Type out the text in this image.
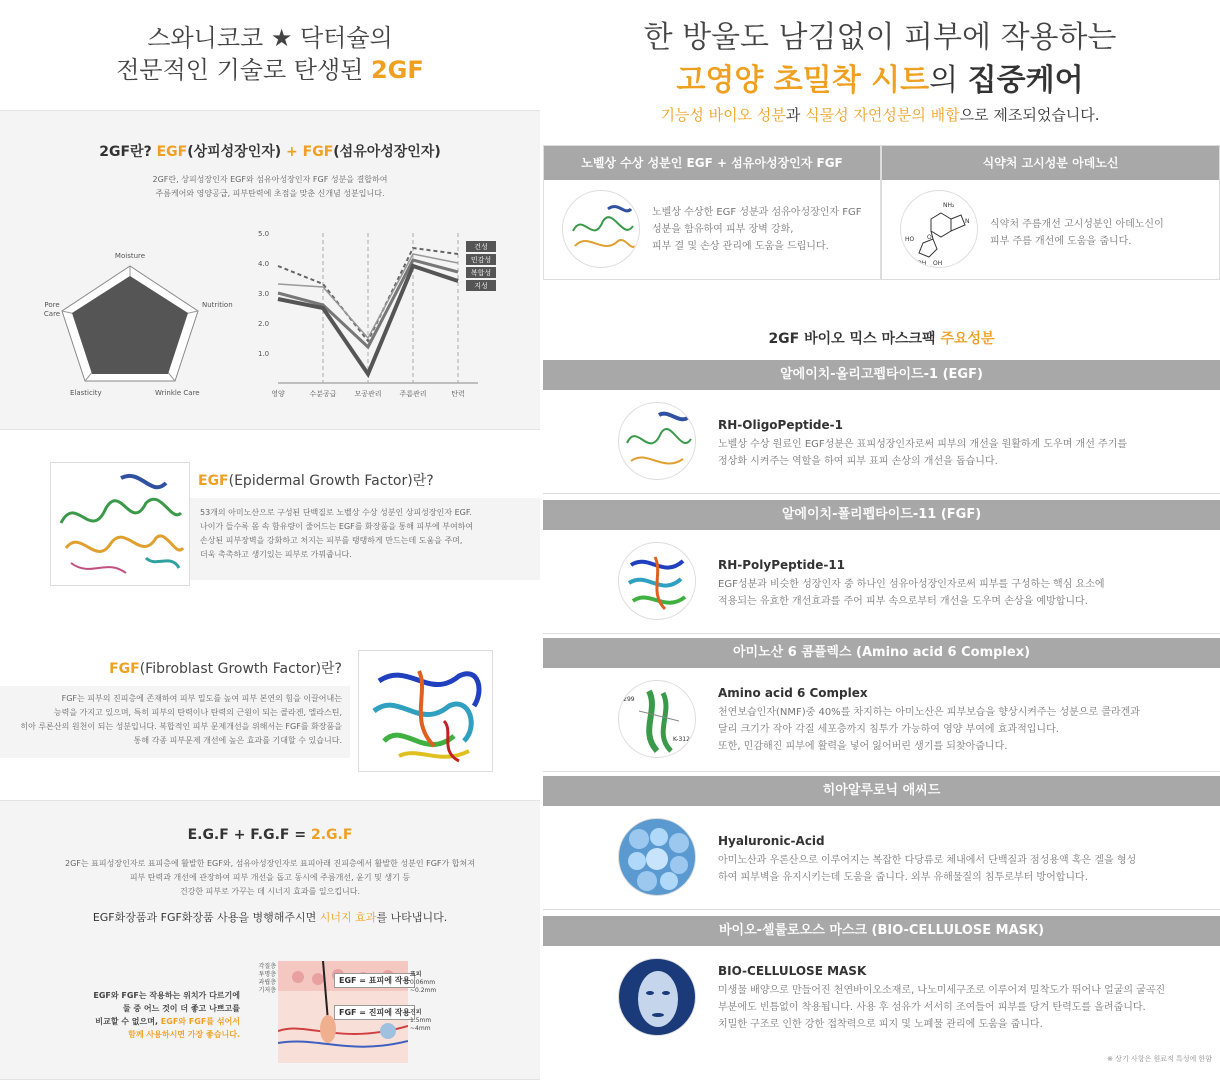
스와니코코 ★ 닥터슐의
전문적인 기술로 탄생된 2GF
2GF란? EGF(상피성장인자) + FGF(섬유아성장인자)
2GF란, 상피성장인자 EGF와 섬유아성장인자 FGF 성분을 결합하여
주름케어와 영양공급, 피부탄력에 초점을 맞춘 신개념 성분입니다.
Moisture
Nutrition
Wrinkle Care
Elasticity
Pore
Care
1.0
2.0
3.0
4.0
5.0
영양	수분공급	모공관리	주름관리	탄력
건성
민감성
복합성
지성
EGF(Epidermal Growth Factor)란?
53개의 아미노산으로 구성된 단백질로 노벨상 수상 성분인 상피성장인자 EGF.
나이가 들수록 몸 속 함유량이 줄어드는 EGF를 화장품을 통해 피부에 부여하여
손상된 피부장벽을 강화하고 처지는 피부를 탱탱하게 만드는데 도움을 주며,
더욱 촉촉하고 생기있는 피부로 가꿔줍니다.
FGF(Fibroblast Growth Factor)란?
FGF는 피부의 진피층에 존재하여 피부 밀도를 높여 피부 본연의 힘을 이끌어내는
능력을 가지고 있으며, 특히 피부의 탄력이나 탄력의 근원이 되는 콜라겐, 엘라스틴,
히아 루론산의 원천이 되는 성분입니다. 복합적인 피부 문제개선을 위해서는 FGF를 화장품을
통해 각종 피부문제 개선에 높은 효과를 기대할 수 있습니다.
E.G.F + F.G.F = 2.G.F
2GF는 표피성장인자로 표피층에 활발한 EGF와, 섬유아성장인자로 표피아래 진피층에서 활발한 성분인 FGF가 합쳐져
피부 탄력과 개선에 관장하여 피부 개선을 돕고 동시에 주름개선, 윤기 및 생기 등
건강한 피부로 가꾸는 데 시너지 효과를 일으킵니다.
EGF화장품과 FGF화장품 사용을 병행해주시면 시너지 효과를 나타냅니다.
EGF와 FGF는 작용하는 위치가 다르기에
둘 중 어느 것이 더 좋고 나쁘고를
비교할 수 없으며, EGF와 FGF를 섞어서
함께 사용하시면 가장 좋습니다.
각질층
투명층
과립층
기저층
EGF = 표피에 작용
FGF = 진피에 작용
표피
0.06mm
~0.2mm
진피
1.5mm
~4mm
한 방울도 남김없이 피부에 작용하는
고영양 초밀착 시트의 집중케어
기능성 바이오 성분과 식물성 자연성분의 배합으로 제조되었습니다.
노벨상 수상 성분인 EGF + 섬유아성장인자 FGF
노벨상 수상한 EGF 성분과 섬유아성장인자 FGF
성분을 함유하여 피부 장벽 강화,
피부 결 및 손상 관리에 도움을 드립니다.
식약처 고시성분 아데노신
NH₂
HO
OH OH
N
O
식약처 주름개선 고시성분인 아데노신이
피부 주름 개선에 도움을 줍니다.
2GF 바이오 믹스 마스크팩 주요성분
알에이치-올리고펩타이드-1 (EGF)
RH-OligoPeptide-1
노벨상 수상 원료인 EGF성분은 표피성장인자로써 피부의 개선을 원활하게 도우며 개선 주기를
정상화 시켜주는 역할을 하여 피부 표피 손상의 개선을 돕습니다.
알에이치-폴리펩타이드-11 (FGF)
RH-PolyPeptide-11
EGF성분과 비슷한 성장인자 중 하나인 섬유아성장인자로써 피부를 구성하는 핵심 요소에
적용되는 유효한 개선효과를 주어 피부 속으로부터 개선을 도우며 손상을 예방합니다.
아미노산 6 콤플렉스 (Amino acid 6 Complex)
-299
K-312
Amino acid 6 Complex
천연보습인자(NMF)중 40%를 차지하는 아미노산은 피부보습을 향상시켜주는 성분으로 콜라겐과
달리 크기가 작아 각질 세포층까지 침투가 가능하여 영양 부여에 효과적입니다.
또한, 민감해진 피부에 활력을 넣어 잃어버린 생기를 되찾아줍니다.
히아알루로닉 애씨드
Hyaluronic-Acid
아미노산과 우론산으로 이루어지는 복잡한 다당류로 체내에서 단백질과 점성용액 혹은 겔을 형성
하여 피부벽을 유지시키는데 도움을 줍니다. 외부 유해물질의 침투로부터 방어합니다.
바이오-셀룰로오스 마스크 (BIO-CELLULOSE MASK)
BIO-CELLULOSE MASK
미생물 배양으로 만들어진 천연바이오소재로, 나노미세구조로 이루어져 밀착도가 뛰어나 얼굴의 굴곡진
부분에도 빈틈없이 착용됩니다. 사용 후 섬유가 서서히 조여들어 피부를 당겨 탄력도를 올려줍니다.
치밀한 구조로 인한 강한 접착력으로 피지 및 노폐물 관리에 도움을 줍니다.
※ 상기 사항은 원료적 특성에 한함
